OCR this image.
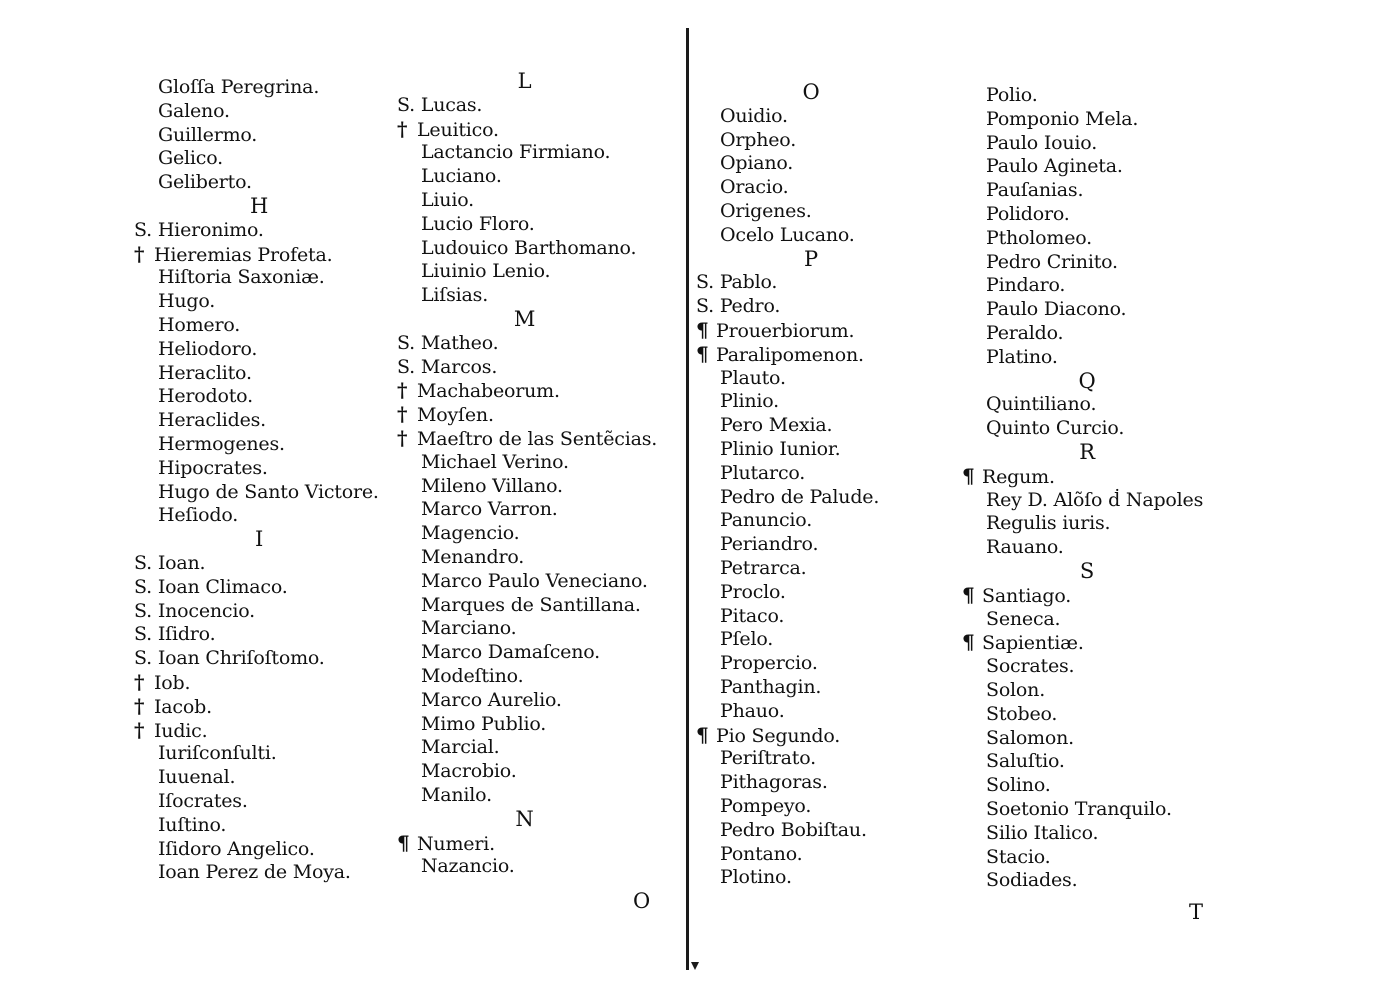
Gloſſa Peregrina.
Galeno.
Guillermo.
Gelico.
Geliberto.
H
S. Hieronimo.
† Hieremias Profeta.
Hiſtoria Saxoniæ.
Hugo.
Homero.
Heliodoro.
Heraclito.
Herodoto.
Heraclides.
Hermogenes.
Hipocrates.
Hugo de Santo Victore.
Heſiodo.
I
S. Ioan.
S. Ioan Climaco.
S. Inocencio.
S. Iſidro.
S. Ioan Chriſoſtomo.
† Iob.
† Iacob.
† Iudic.
Iuriſconſulti.
Iuuenal.
Iſocrates.
Iuſtino.
Iſidoro Angelico.
Ioan Perez de Moya.
L
S. Lucas.
† Leuitico.
Lactancio Firmiano.
Luciano.
Liuio.
Lucio Floro.
Ludouico Barthomano.
Liuinio Lenio.
Liſsias.
M
S. Matheo.
S. Marcos.
† Machabeorum.
† Moyſen.
† Maeſtro de las Sentẽcias.
Michael Verino.
Mileno Villano.
Marco Varron.
Magencio.
Menandro.
Marco Paulo Veneciano.
Marques de Santillana.
Marciano.
Marco Damaſceno.
Modeſtino.
Marco Aurelio.
Mimo Publio.
Marcial.
Macrobio.
Manilo.
N
¶ Numeri.
Nazancio.
O
Ouidio.
Orpheo.
Opiano.
Oracio.
Origenes.
Ocelo Lucano.
P
S. Pablo.
S. Pedro.
¶ Prouerbiorum.
¶ Paralipomenon.
Plauto.
Plinio.
Pero Mexia.
Plinio Iunior.
Plutarco.
Pedro de Palude.
Panuncio.
Periandro.
Petrarca.
Proclo.
Pitaco.
Pſelo.
Propercio.
Panthagin.
Phauo.
¶ Pio Segundo.
Periſtrato.
Pithagoras.
Pompeyo.
Pedro Bobiſtau.
Pontano.
Plotino.
Polio.
Pomponio Mela.
Paulo Iouio.
Paulo Agineta.
Pauſanias.
Polidoro.
Ptholomeo.
Pedro Crinito.
Pindaro.
Paulo Diacono.
Peraldo.
Platino.
Q
Quintiliano.
Quinto Curcio.
R
¶ Regum.
Rey D. Alõſo ḋ Napoles
Regulis iuris.
Rauano.
S
¶ Santiago.
Seneca.
¶ Sapientiæ.
Socrates.
Solon.
Stobeo.
Salomon.
Saluſtio.
Solino.
Soetonio Tranquilo.
Silio Italico.
Stacio.
Sodiades.
O	T
